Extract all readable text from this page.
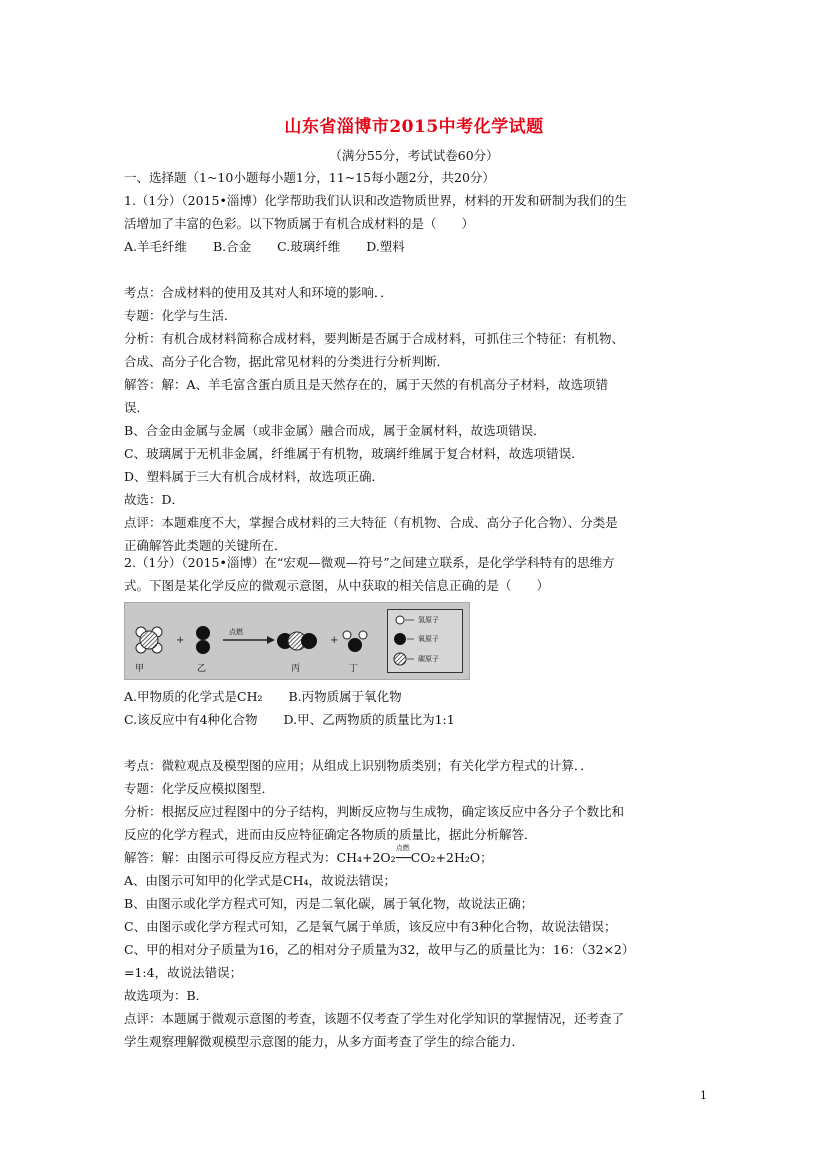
山东省淄博市2015中考化学试题
（满分55分，考试试卷60分）

一、选择题（1~10小题每小题1分，11~15每小题2分，共20分）

1.（1分）（2015•淄博）化学帮助我们认识和改造物质世界，材料的开发和研制为我们的生

活增加了丰富的色彩。以下物质属于有机合成材料的是（　　）

A.羊毛纤维 B.合金 C.玻璃纤维 D.塑料

考点：合成材料的使用及其对人和环境的影响．．

专题：化学与生活．

分析：有机合成材料简称合成材料，要判断是否属于合成材料，可抓住三个特征：有机物、

合成、高分子化合物，据此常见材料的分类进行分析判断．

解答：解：A、羊毛富含蛋白质且是天然存在的，属于天然的有机高分子材料，故选项错

误．

B、合金由金属与金属（或非金属）融合而成，属于金属材料，故选项错误．

C、玻璃属于无机非金属，纤维属于有机物，玻璃纤维属于复合材料，故选项错误．

D、塑料属于三大有机合成材料，故选项正确．

故选：D．

点评：本题难度不大，掌握合成材料的三大特征（有机物、合成、高分子化合物）、分类是

正确解答此类题的关键所在．

2.（1分）（2015•淄博）在“宏观—微观—符号”之间建立联系，是化学学科特有的思维方

式。下图是某化学反应的微观示意图，从中获取的相关信息正确的是（　　）

+	+
甲	乙
点燃
丙	丁
氢原子
氧原子
碳原子

A.甲物质的化学式是CH₂ B.丙物质属于氧化物

C.该反应中有4种化合物 D.甲、乙两物质的质量比为1:1

考点：微粒观点及模型图的应用；从组成上识别物质类别；有关化学方程式的计算．．

专题：化学反应模拟图型．

分析：根据反应过程图中的分子结构，判断反应物与生成物，确定该反应中各分子个数比和

反应的化学方程式，进而由反应特征确定各物质的质量比，据此分析解答．

解答：解：由图示可得反应方程式为：CH₄+2O₂
点燃
──CO₂+2H₂O；

A、由图示可知甲的化学式是CH₄，故说法错误；

B、由图示或化学方程式可知，丙是二氧化碳，属于氧化物，故说法正确；

C、由图示或化学方程式可知，乙是氧气属于单质，该反应中有3种化合物，故说法错误；

C、甲的相对分子质量为16，乙的相对分子质量为32，故甲与乙的质量比为：16：（32×2）

=1:4，故说法错误；

故选项为：B．

点评：本题属于微观示意图的考查，该题不仅考查了学生对化学知识的掌握情况，还考查了

学生观察理解微观模型示意图的能力，从多方面考查了学生的综合能力．

1
